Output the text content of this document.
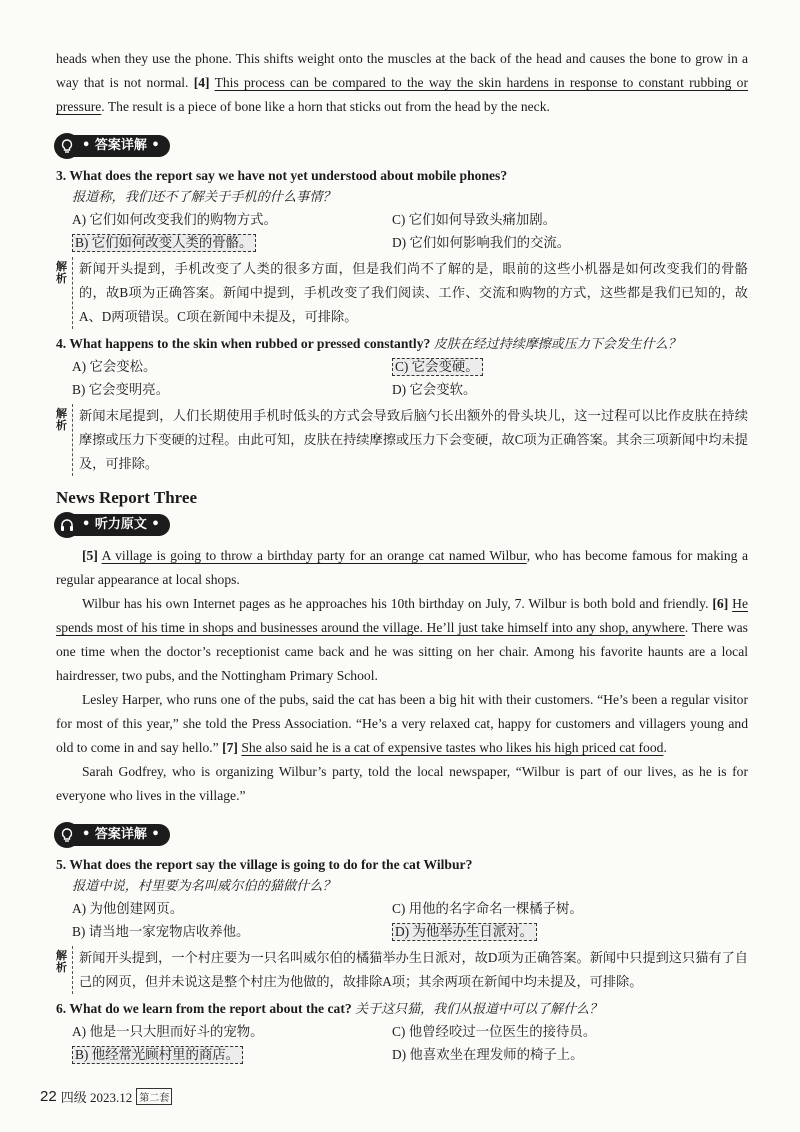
heads when they use the phone. This shifts weight onto the muscles at the back of the head and causes the bone to grow in a way that is not normal. [4] This process can be compared to the way the skin hardens in response to constant rubbing or pressure. The result is a piece of bone like a horn that sticks out from the head by the neck.

• 答案详解 •

3. What does the report say we have not yet understood about mobile phones?

报道称，我们还不了解关于手机的什么事情？

A) 它们如何改变我们的购物方式。	C) 它们如何导致头痛加剧。
B) 它们如何改变人类的骨骼。	D) 它们如何影响我们的交流。
解析
新闻开头提到，手机改变了人类的很多方面，但是我们尚不了解的是，眼前的这些小机器是如何改变我们的骨骼的，故B项为正确答案。新闻中提到，手机改变了我们阅读、工作、交流和购物的方式，这些都是我们已知的，故A、D两项错误。C项在新闻中未提及，可排除。

4. What happens to the skin when rubbed or pressed constantly? 皮肤在经过持续摩擦或压力下会发生什么？

A) 它会变松。	C) 它会变硬。
B) 它会变明亮。	D) 它会变软。
解析
新闻末尾提到，人们长期使用手机时低头的方式会导致后脑勺长出额外的骨头块儿，这一过程可以比作皮肤在持续摩擦或压力下变硬的过程。由此可知，皮肤在持续摩擦或压力下会变硬，故C项为正确答案。其余三项新闻中均未提及，可排除。
News Report Three
• 听力原文 •

[5] A village is going to throw a birthday party for an orange cat named Wilbur, who has become famous for making a regular appearance at local shops.

Wilbur has his own Internet pages as he approaches his 10th birthday on July, 7. Wilbur is both bold and friendly. [6] He spends most of his time in shops and businesses around the village. He’ll just take himself into any shop, anywhere. There was one time when the doctor’s receptionist came back and he was sitting on her chair. Among his favorite haunts are a local hairdresser, two pubs, and the Nottingham Primary School.

Lesley Harper, who runs one of the pubs, said the cat has been a big hit with their customers. “He’s been a regular visitor for most of this year,” she told the Press Association. “He’s a very relaxed cat, happy for customers and villagers young and old to come in and say hello.” [7] She also said he is a cat of expensive tastes who likes his high priced cat food.

Sarah Godfrey, who is organizing Wilbur’s party, told the local newspaper, “Wilbur is part of our lives, as he is for everyone who lives in the village.”

• 答案详解 •

5. What does the report say the village is going to do for the cat Wilbur?

报道中说，村里要为名叫威尔伯的猫做什么？

A) 为他创建网页。	C) 用他的名字命名一棵橘子树。
B) 请当地一家宠物店收养他。	D) 为他举办生日派对。
解析
新闻开头提到，一个村庄要为一只名叫威尔伯的橘猫举办生日派对，故D项为正确答案。新闻中只提到这只猫有了自己的网页，但并未说这是整个村庄为他做的，故排除A项；其余两项在新闻中均未提及，可排除。

6. What do we learn from the report about the cat? 关于这只猫，我们从报道中可以了解什么？

A) 他是一只大胆而好斗的宠物。	C) 他曾经咬过一位医生的接待员。
B) 他经常光顾村里的商店。	D) 他喜欢坐在理发师的椅子上。
22 四级 2023.12 第二套
